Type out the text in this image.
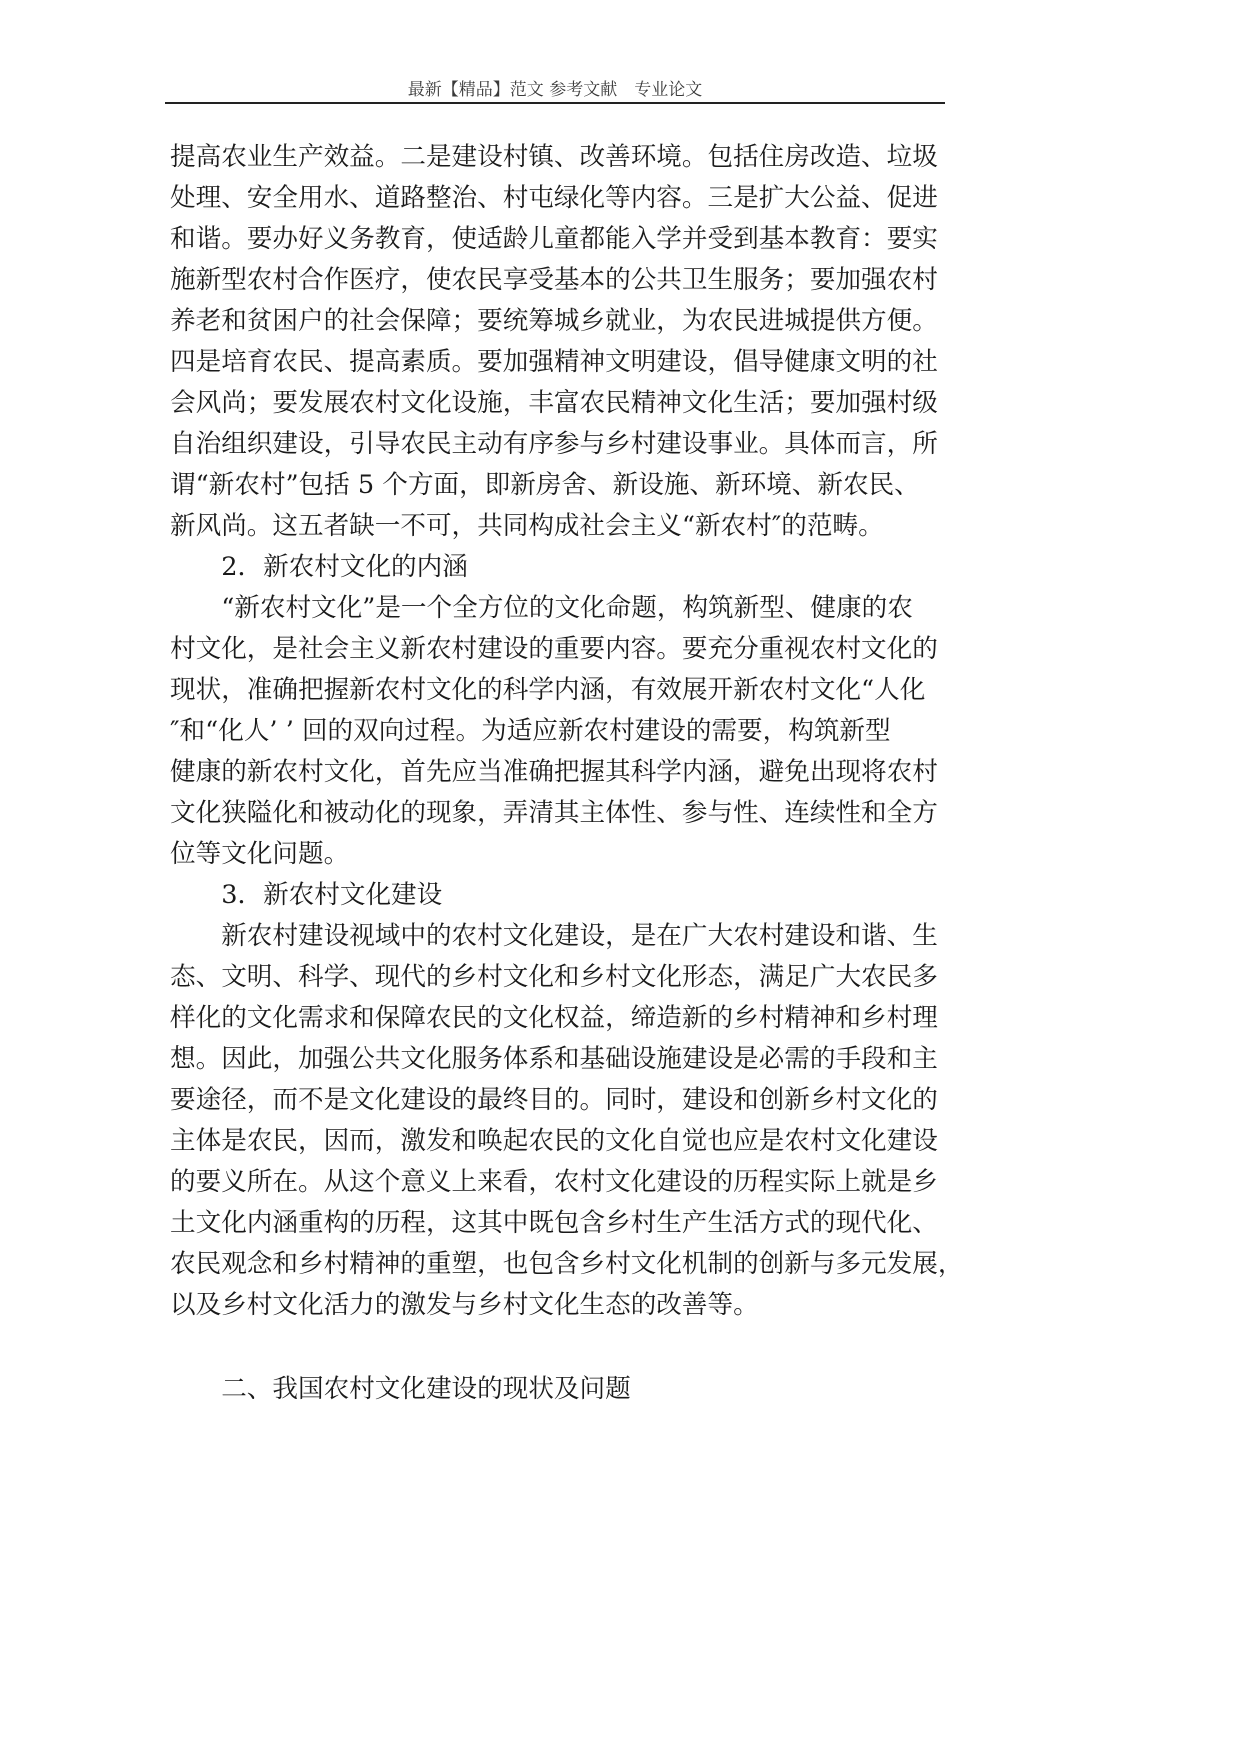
最新【精品】范文 参考文献　专业论文
提高农业生产效益。二是建设村镇、改善环境。包括住房改造、垃圾
处理、安全用水、道路整治、村屯绿化等内容。三是扩大公益、促进
和谐。要办好义务教育，使适龄儿童都能入学并受到基本教育：要实
施新型农村合作医疗，使农民享受基本的公共卫生服务；要加强农村
养老和贫困户的社会保障；要统筹城乡就业，为农民进城提供方便。
四是培育农民、提高素质。要加强精神文明建设，倡导健康文明的社
会风尚；要发展农村文化设施，丰富农民精神文化生活；要加强村级
自治组织建设，引导农民主动有序参与乡村建设事业。具体而言，所
谓“新农村”包括 5 个方面，即新房舍、新设施、新环境、新农民、
新风尚。这五者缺一不可，共同构成社会主义“新农村″的范畴。
2．新农村文化的内涵
“新农村文化”是一个全方位的文化命题，构筑新型、健康的农
村文化，是社会主义新农村建设的重要内容。要充分重视农村文化的
现状，准确把握新农村文化的科学内涵，有效展开新农村文化“人化
″和“化人’ ’ 回的双向过程。为适应新农村建设的需要，构筑新型
健康的新农村文化，首先应当准确把握其科学内涵，避免出现将农村
文化狭隘化和被动化的现象，弄清其主体性、参与性、连续性和全方
位等文化问题。
3．新农村文化建设
新农村建设视域中的农村文化建设，是在广大农村建设和谐、生
态、文明、科学、现代的乡村文化和乡村文化形态，满足广大农民多
样化的文化需求和保障农民的文化权益，缔造新的乡村精神和乡村理
想。因此，加强公共文化服务体系和基础设施建设是必需的手段和主
要途径，而不是文化建设的最终目的。同时，建设和创新乡村文化的
主体是农民，因而，激发和唤起农民的文化自觉也应是农村文化建设
的要义所在。从这个意义上来看，农村文化建设的历程实际上就是乡
土文化内涵重构的历程，这其中既包含乡村生产生活方式的现代化、
农民观念和乡村精神的重塑，也包含乡村文化机制的创新与多元发展，
以及乡村文化活力的激发与乡村文化生态的改善等。
二、我国农村文化建设的现状及问题
